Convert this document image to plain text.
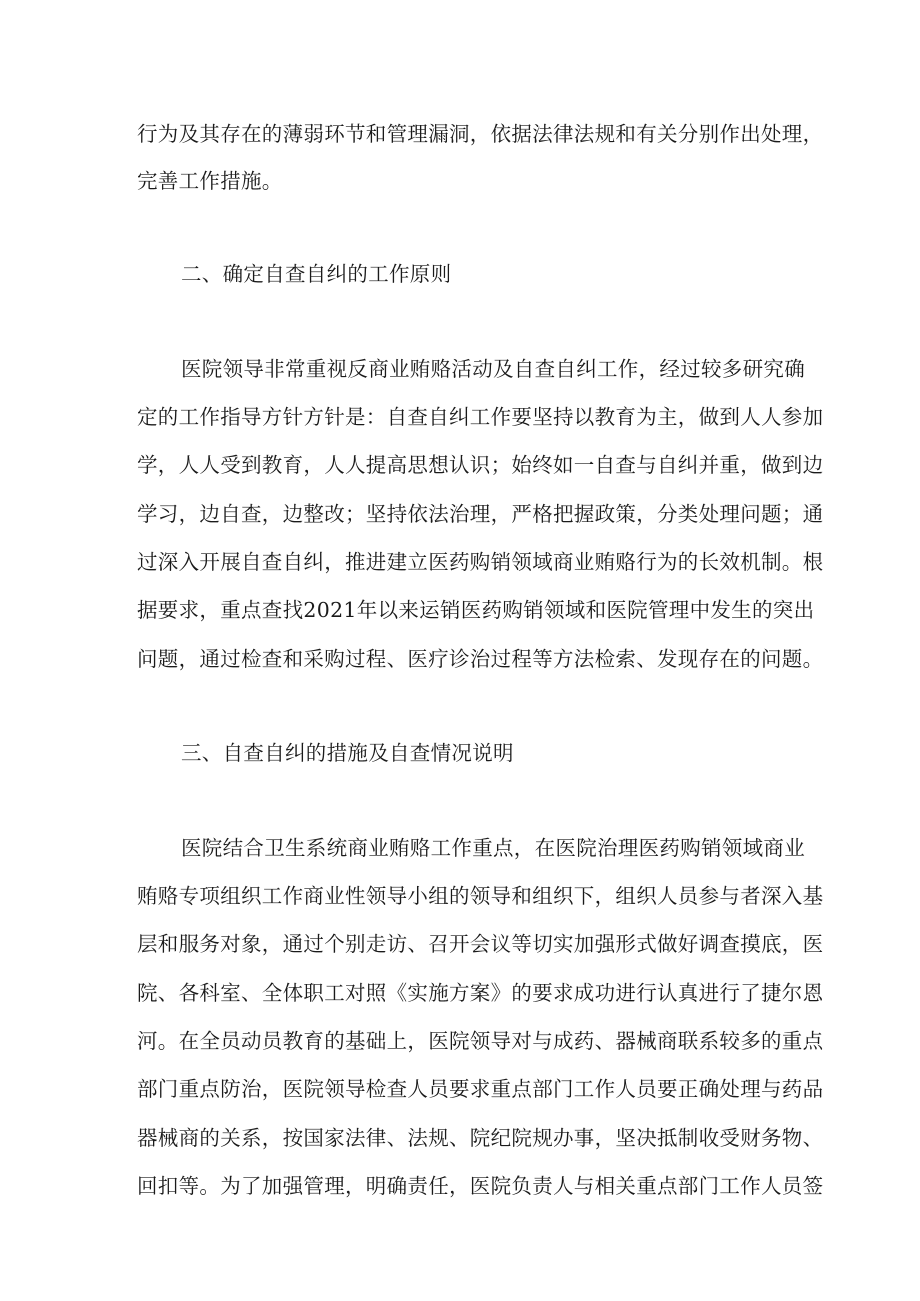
行为及其存在的薄弱环节和管理漏洞，依据法律法规和有关分别作出处理，
完善工作措施。
二、确定自查自纠的工作原则
医院领导非常重视反商业贿赂活动及自查自纠工作，经过较多研究确
定的工作指导方针方针是：自查自纠工作要坚持以教育为主，做到人人参加
学，人人受到教育，人人提高思想认识；始终如一自查与自纠并重，做到边
学习，边自查，边整改；坚持依法治理，严格把握政策，分类处理问题；通
过深入开展自查自纠，推进建立医药购销领域商业贿赂行为的长效机制。根
据要求，重点查找2021年以来运销医药购销领域和医院管理中发生的突出
问题，通过检查和采购过程、医疗诊治过程等方法检索、发现存在的问题。
三、自查自纠的措施及自查情况说明
医院结合卫生系统商业贿赂工作重点，在医院治理医药购销领域商业
贿赂专项组织工作商业性领导小组的领导和组织下，组织人员参与者深入基
层和服务对象，通过个别走访、召开会议等切实加强形式做好调查摸底，医
院、各科室、全体职工对照《实施方案》的要求成功进行认真进行了捷尔恩
河。在全员动员教育的基础上，医院领导对与成药、器械商联系较多的重点
部门重点防治，医院领导检查人员要求重点部门工作人员要正确处理与药品
器械商的关系，按国家法律、法规、院纪院规办事，坚决抵制收受财务物、
回扣等。为了加强管理，明确责任，医院负责人与相关重点部门工作人员签
